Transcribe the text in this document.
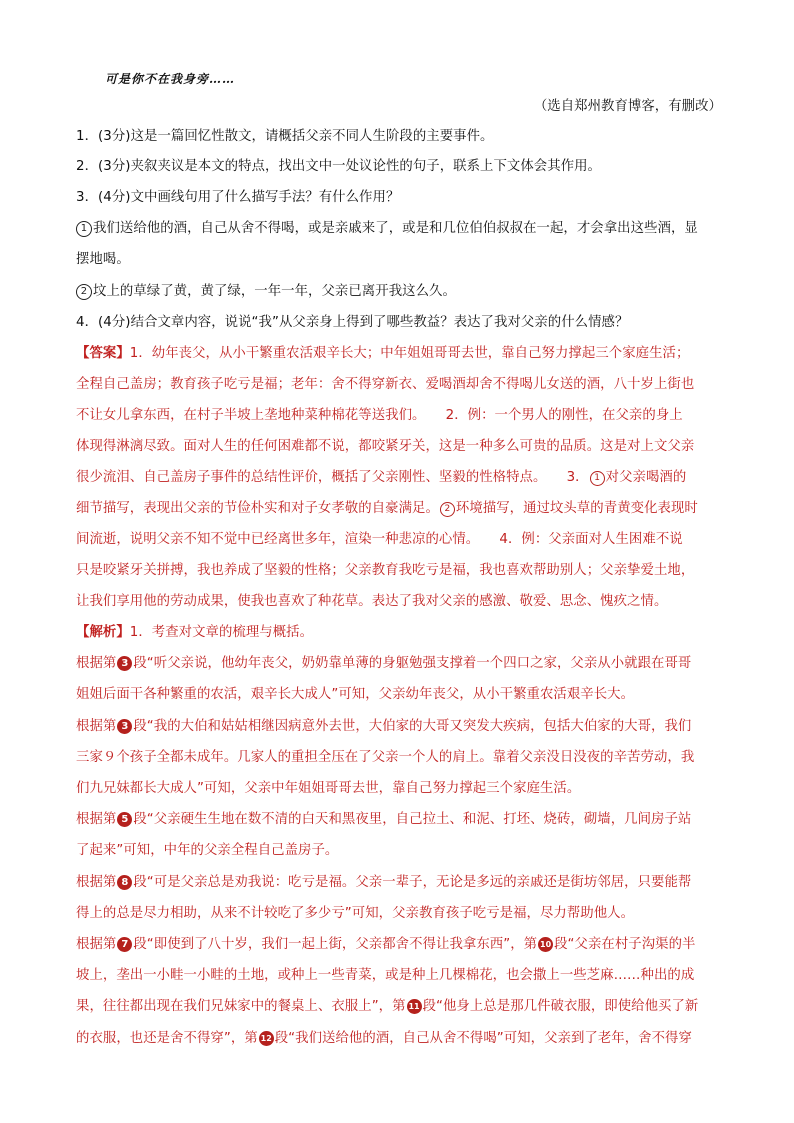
可是你不在我身旁……
（选自郑州教育博客，有删改）
1．(3分)这是一篇回忆性散文，请概括父亲不同人生阶段的主要事件。
2．(3分)夹叙夹议是本文的特点，找出文中一处议论性的句子，联系上下文体会其作用。
3．(4分)文中画线句用了什么描写手法？有什么作用？
1 我们送给他的酒，自己从舍不得喝，或是亲戚来了，或是和几位伯伯叔叔在一起，才会拿出这些酒，显
摆地喝。
2 坟上的草绿了黄，黄了绿，一年一年，父亲已离开我这么久。
4．(4分)结合文章内容，说说“我”从父亲身上得到了哪些教益？表达了我对父亲的什么情感？
【答案】1．幼年丧父，从小干繁重农活艰辛长大；中年姐姐哥哥去世，靠自己努力撑起三个家庭生活；
全程自己盖房；教育孩子吃亏是福；老年：舍不得穿新衣、爱喝酒却舍不得喝儿女送的酒，八十岁上街也
不让女儿拿东西，在村子半坡上垄地种菜种棉花等送我们。　　2．例：一个男人的刚性，在父亲的身上
体现得淋漓尽致。面对人生的任何困难都不说，都咬紧牙关，这是一种多么可贵的品质。这是对上文父亲
很少流泪、自己盖房子事件的总结性评价，概括了父亲刚性、坚毅的性格特点。　　3． 1 对父亲喝酒的
细节描写，表现出父亲的节俭朴实和对子女孝敬的自豪满足。 2 环境描写，通过坟头草的青黄变化表现时
间流逝，说明父亲不知不觉中已经离世多年，渲染一种悲凉的心情。　　4．例：父亲面对人生困难不说
只是咬紧牙关拼搏，我也养成了坚毅的性格；父亲教育我吃亏是福，我也喜欢帮助别人；父亲挚爱土地，
让我们享用他的劳动成果，使我也喜欢了种花草。表达了我对父亲的感激、敬爱、思念、愧疚之情。
【解析】1．考查对文章的梳理与概括。
根据第 3 段“听父亲说，他幼年丧父，奶奶靠单薄的身躯勉强支撑着一个四口之家，父亲从小就跟在哥哥
姐姐后面干各种繁重的农活，艰辛长大成人”可知，父亲幼年丧父，从小干繁重农活艰辛长大。
根据第 3 段“我的大伯和姑姑相继因病意外去世，大伯家的大哥又突发大疾病，包括大伯家的大哥，我们
三家９个孩子全都未成年。几家人的重担全压在了父亲一个人的肩上。靠着父亲没日没夜的辛苦劳动，我
们九兄妹都长大成人”可知，父亲中年姐姐哥哥去世，靠自己努力撑起三个家庭生活。
根据第 5 段“父亲硬生生地在数不清的白天和黑夜里，自己拉土、和泥、打坯、烧砖，砌墙，几间房子站
了起来”可知，中年的父亲全程自己盖房子。
根据第 8 段“可是父亲总是劝我说：吃亏是福。父亲一辈子，无论是多远的亲戚还是街坊邻居，只要能帮
得上的总是尽力相助，从来不计较吃了多少亏”可知，父亲教育孩子吃亏是福，尽力帮助他人。
根据第 7 段“即使到了八十岁，我们一起上街，父亲都舍不得让我拿东西”，第 10 段“父亲在村子沟渠的半
坡上，垄出一小畦一小畦的土地，或种上一些青菜，或是种上几棵棉花，也会撒上一些芝麻……种出的成
果，往往都出现在我们兄妹家中的餐桌上、衣服上”，第 11 段“他身上总是那几件破衣服，即使给他买了新
的衣服，也还是舍不得穿”，第 12 段“我们送给他的酒，自己从舍不得喝”可知，父亲到了老年，舍不得穿
